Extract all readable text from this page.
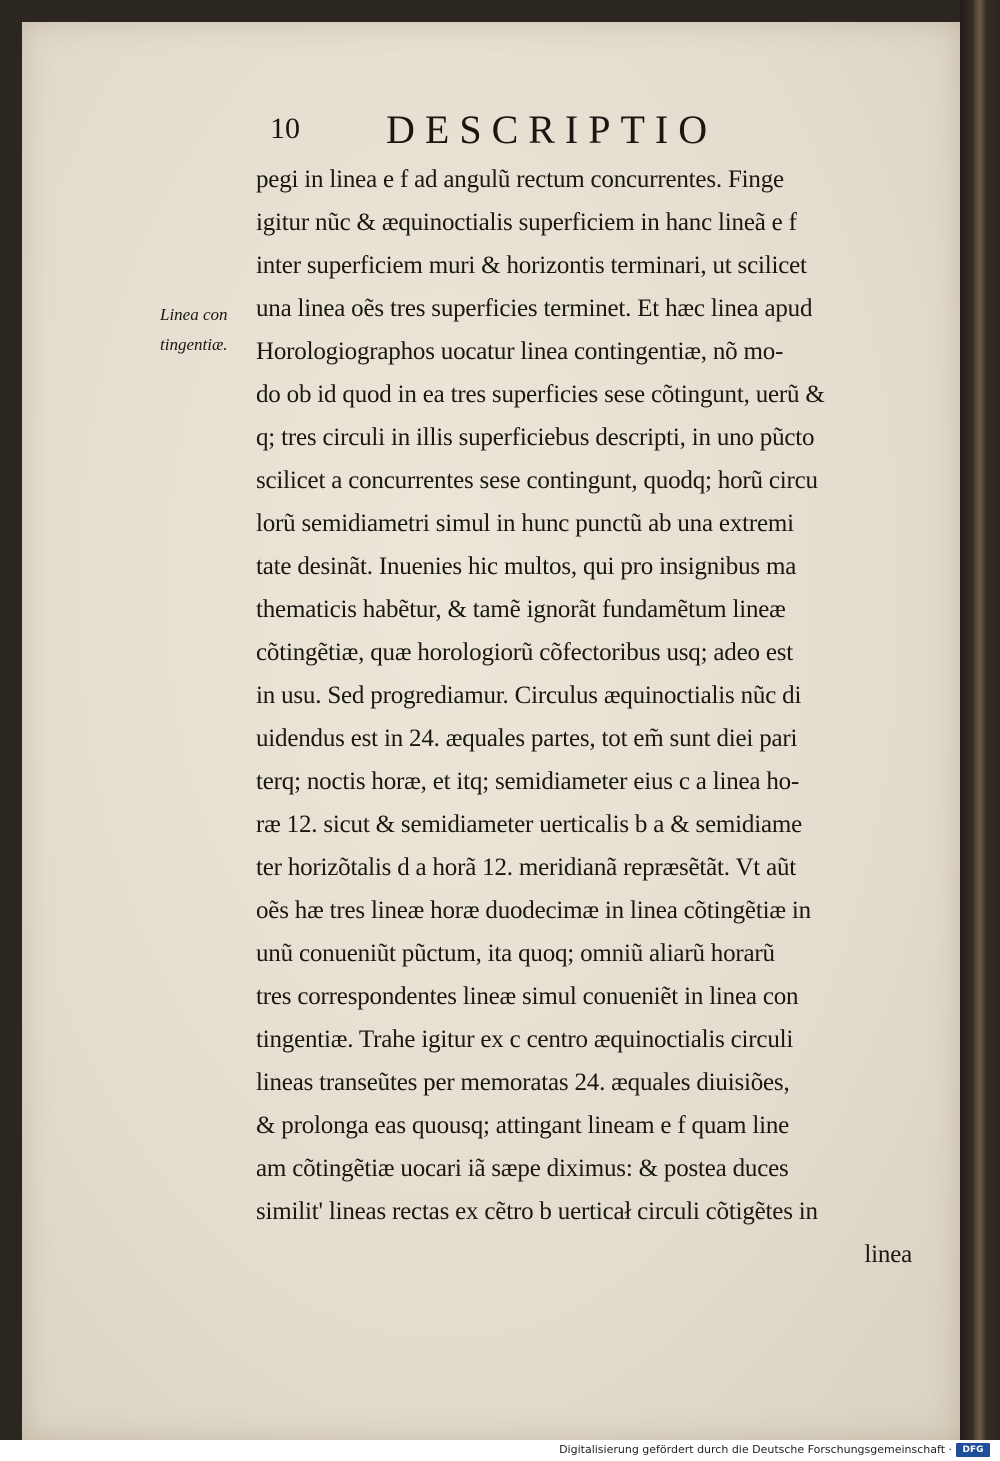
10 DESCRIPTIO
Linea con
tingentiæ.
pegi in linea e f ad angulũ rectum concurrentes. Finge
igitur nũc & æquinoctialis superficiem in hanc lineã e f
inter superficiem muri & horizontis terminari, ut scilicet
una linea oẽs tres superficies terminet. Et hæc linea apud
Horologiographos uocatur linea contingentiæ, nõ mo-
do ob id quod in ea tres superficies sese cõtingunt, uerũ &
q; tres circuli in illis superficiebus descripti, in uno pũcto
scilicet a concurrentes sese contingunt, quodq; horũ circu
lorũ semidiametri simul in hunc punctũ ab una extremi
tate desinãt. Inuenies hic multos, qui pro insignibus ma
thematicis habẽtur, & tamẽ ignorãt fundamẽtum lineæ
cõtingẽtiæ, quæ horologiorũ cõfectoribus usq; adeo est
in usu. Sed progrediamur. Circulus æquinoctialis nũc di
uidendus est in 24. æquales partes, tot em̃ sunt diei pari
terq; noctis horæ, et itq; semidiameter eius c a linea ho-
ræ 12. sicut & semidiameter uerticalis b a & semidiame
ter horizõtalis d a horã 12. meridianã repræsẽtãt. Vt aũt
oẽs hæ tres lineæ horæ duodecimæ in linea cõtingẽtiæ in
unũ conueniũt pũctum, ita quoq; omniũ aliarũ horarũ
tres correspondentes lineæ simul conueniẽt in linea con
tingentiæ. Trahe igitur ex c centro æquinoctialis circuli
lineas transeũtes per memoratas 24. æquales diuisiões,
& prolonga eas quousq; attingant lineam e f quam line
am cõtingẽtiæ uocari iã sæpe diximus: & postea duces
similit' lineas rectas ex cẽtro b uerticał circuli cõtigẽtes in
linea
Digitalisierung gefördert durch die Deutsche Forschungsgemeinschaft ·	DFG
